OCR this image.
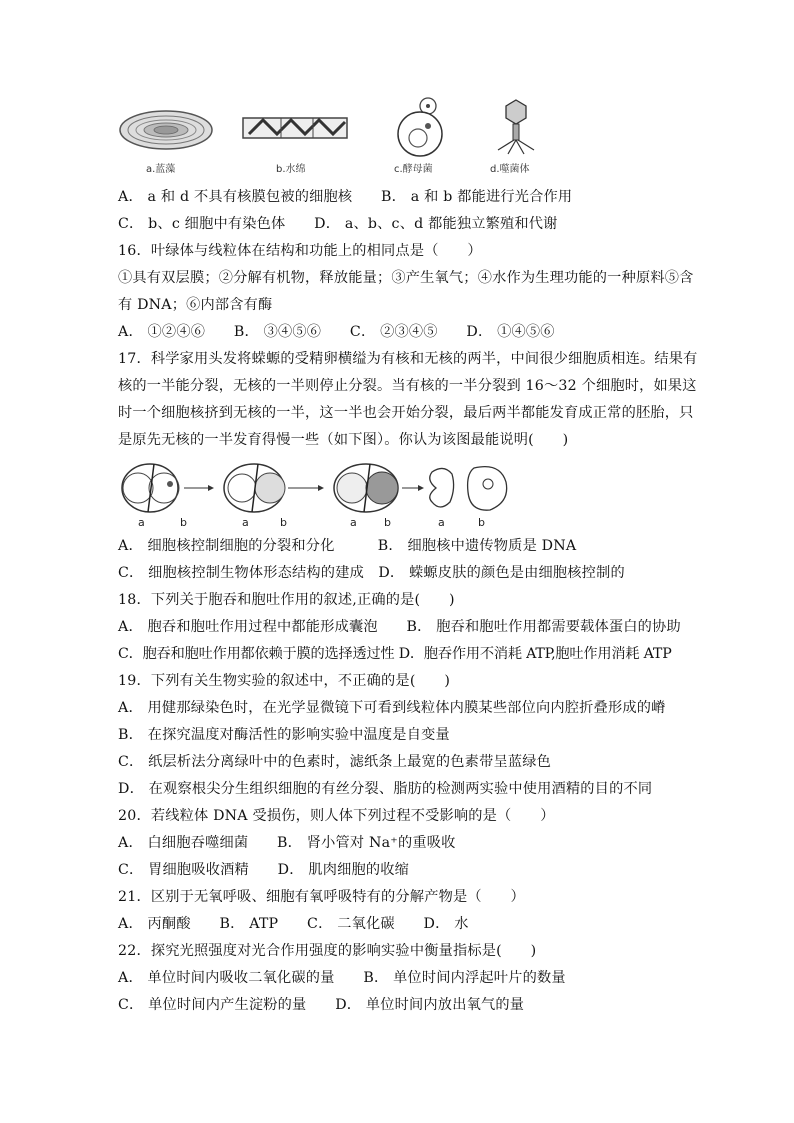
a.蓝藻	b.水绵	c.酵母菌	d.噬菌体
A． a 和 d 不具有核膜包被的细胞核　　B． a 和 b 都能进行光合作用
C． b、c 细胞中有染色体　　D． a、b、c、d 都能独立繁殖和代谢
16．叶绿体与线粒体在结构和功能上的相同点是（　　）
①具有双层膜；②分解有机物，释放能量；③产生氧气；④水作为生理功能的一种原料⑤含
有 DNA；⑥内部含有酶
A． ①②④⑥　　B． ③④⑤⑥　　C． ②③④⑤　　D． ①④⑤⑥
17．科学家用头发将蝾螈的受精卵横缢为有核和无核的两半，中间很少细胞质相连。结果有
核的一半能分裂，无核的一半则停止分裂。当有核的一半分裂到 16～32 个细胞时，如果这
时一个细胞核挤到无核的一半，这一半也会开始分裂，最后两半都能发育成正常的胚胎，只
是原先无核的一半发育得慢一些（如下图）。你认为该图最能说明(　　)
a	b	a	b	a b	a	b
A． 细胞核控制细胞的分裂和分化　　　B． 细胞核中遗传物质是 DNA
C． 细胞核控制生物体形态结构的建成　D． 蝾螈皮肤的颜色是由细胞核控制的
18．下列关于胞吞和胞吐作用的叙述,正确的是(　　)
A． 胞吞和胞吐作用过程中都能形成囊泡　　B． 胞吞和胞吐作用都需要载体蛋白的协助
C．胞吞和胞吐作用都依赖于膜的选择透过性 D．胞吞作用不消耗 ATP,胞吐作用消耗 ATP
19．下列有关生物实验的叙述中，不正确的是(　　)
A． 用健那绿染色时，在光学显微镜下可看到线粒体内膜某些部位向内腔折叠形成的嵴
B． 在探究温度对酶活性的影响实验中温度是自变量
C． 纸层析法分离绿叶中的色素时，滤纸条上最宽的色素带呈蓝绿色
D． 在观察根尖分生组织细胞的有丝分裂、脂肪的检测两实验中使用酒精的目的不同
20．若线粒体 DNA 受损伤，则人体下列过程不受影响的是（　　）
A． 白细胞吞噬细菌　　B． 肾小管对 Na⁺的重吸收
C． 胃细胞吸收酒精　　D． 肌肉细胞的收缩
21．区别于无氧呼吸、细胞有氧呼吸特有的分解产物是（　　）
A． 丙酮酸　　B． ATP　　C． 二氧化碳　　D． 水
22．探究光照强度对光合作用强度的影响实验中衡量指标是(　　)
A． 单位时间内吸收二氧化碳的量　　B． 单位时间内浮起叶片的数量
C． 单位时间内产生淀粉的量　　D． 单位时间内放出氧气的量
